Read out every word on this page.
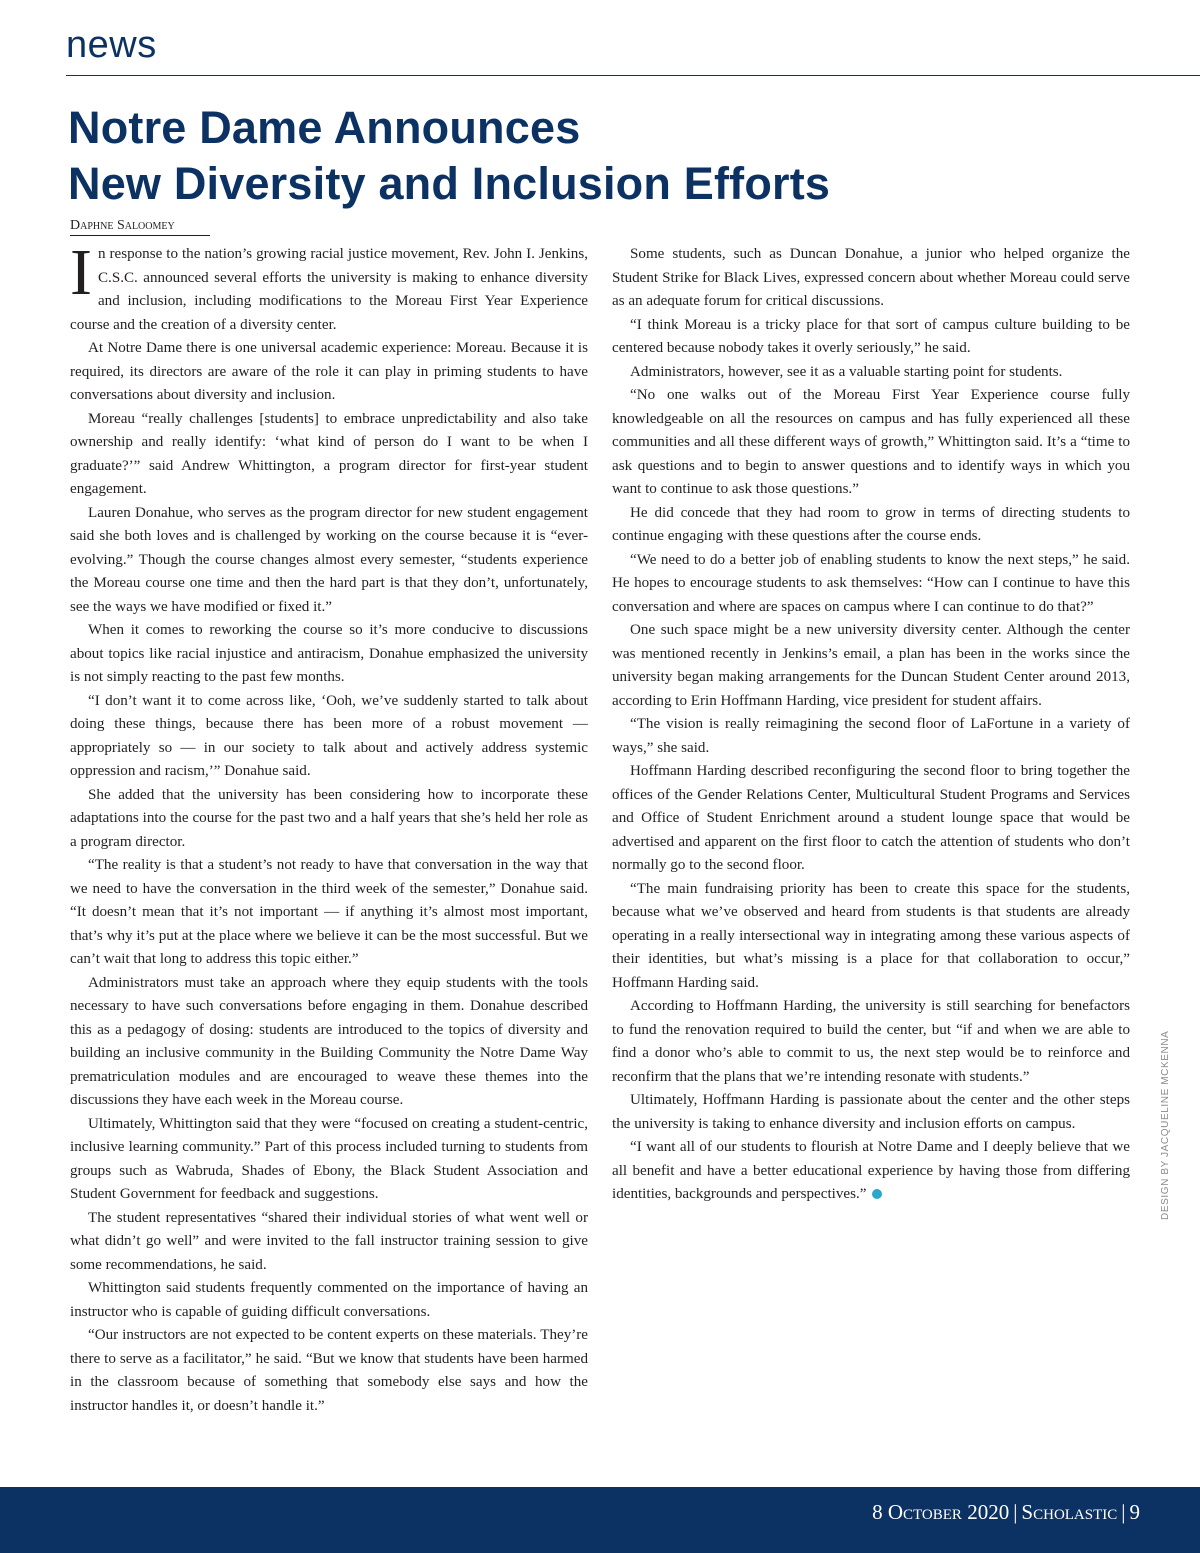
news
Notre Dame Announces
New Diversity and Inclusion Efforts
Daphne Saloomey

In response to the nation’s growing racial justice movement, Rev. John I. Jenkins, C.S.C. announced several efforts the university is making to enhance diversity and inclusion, including modifications to the Moreau First Year Experience course and the creation of a diversity center.

At Notre Dame there is one universal academic experience: Moreau. Because it is required, its directors are aware of the role it can play in priming students to have conversations about diversity and inclusion.

Moreau “really challenges [students] to embrace unpredictability and also take ownership and really identify: ‘what kind of person do I want to be when I graduate?’” said Andrew Whittington, a program director for first-year student engagement.

Lauren Donahue, who serves as the program director for new student engagement said she both loves and is challenged by working on the course because it is “ever-evolving.” Though the course changes almost every semester, “students experience the Moreau course one time and then the hard part is that they don’t, unfortunately, see the ways we have modified or fixed it.”

When it comes to reworking the course so it’s more conducive to discussions about topics like racial injustice and antiracism, Donahue emphasized the university is not simply reacting to the past few months.

“I don’t want it to come across like, ‘Ooh, we’ve suddenly started to talk about doing these things, because there has been more of a robust movement — appropriately so — in our society to talk about and actively address systemic oppression and racism,’” Donahue said.

She added that the university has been considering how to incorporate these adaptations into the course for the past two and a half years that she’s held her role as a program director.

“The reality is that a student’s not ready to have that conversation in the way that we need to have the conversation in the third week of the semester,” Donahue said. “It doesn’t mean that it’s not important — if anything it’s almost most important, that’s why it’s put at the place where we believe it can be the most successful. But we can’t wait that long to address this topic either.”

Administrators must take an approach where they equip students with the tools necessary to have such conversations before engaging in them. Donahue described this as a pedagogy of dosing: students are introduced to the topics of diversity and building an inclusive community in the Building Community the Notre Dame Way prematriculation modules and are encouraged to weave these themes into the discussions they have each week in the Moreau course.

Ultimately, Whittington said that they were “focused on creating a student-centric, inclusive learning community.” Part of this process included turning to students from groups such as Wabruda, Shades of Ebony, the Black Student Association and Student Government for feedback and suggestions.

The student representatives “shared their individual stories of what went well or what didn’t go well” and were invited to the fall instructor training session to give some recommendations, he said.

Whittington said students frequently commented on the importance of having an instructor who is capable of guiding difficult conversations.

“Our instructors are not expected to be content experts on these materials. They’re there to serve as a facilitator,” he said. “But we know that students have been harmed in the classroom because of something that somebody else says and how the instructor handles it, or doesn’t handle it.”

Some students, such as Duncan Donahue, a junior who helped organize the Student Strike for Black Lives, expressed concern about whether Moreau could serve as an adequate forum for critical discussions.

“I think Moreau is a tricky place for that sort of campus culture building to be centered because nobody takes it overly seriously,” he said.

Administrators, however, see it as a valuable starting point for students.

“No one walks out of the Moreau First Year Experience course fully knowledgeable on all the resources on campus and has fully experienced all these communities and all these different ways of growth,” Whittington said. It’s a “time to ask questions and to begin to answer questions and to identify ways in which you want to continue to ask those questions.”

He did concede that they had room to grow in terms of directing students to continue engaging with these questions after the course ends.

“We need to do a better job of enabling students to know the next steps,” he said. He hopes to encourage students to ask themselves: “How can I continue to have this conversation and where are spaces on campus where I can continue to do that?”

One such space might be a new university diversity center. Although the center was mentioned recently in Jenkins’s email, a plan has been in the works since the university began making arrangements for the Duncan Student Center around 2013, according to Erin Hoffmann Harding, vice president for student affairs.

“The vision is really reimagining the second floor of LaFortune in a variety of ways,” she said.

Hoffmann Harding described reconfiguring the second floor to bring together the offices of the Gender Relations Center, Multicultural Student Programs and Services and Office of Student Enrichment around a student lounge space that would be advertised and apparent on the first floor to catch the attention of students who don’t normally go to the second floor.

“The main fundraising priority has been to create this space for the students, because what we’ve observed and heard from students is that students are already operating in a really intersectional way in integrating among these various aspects of their identities, but what’s missing is a place for that collaboration to occur,” Hoffmann Harding said.

According to Hoffmann Harding, the university is still searching for benefactors to fund the renovation required to build the center, but “if and when we are able to find a donor who’s able to commit to us, the next step would be to reinforce and reconfirm that the plans that we’re intending resonate with students.”

Ultimately, Hoffmann Harding is passionate about the center and the other steps the university is taking to enhance diversity and inclusion efforts on campus.

“I want all of our students to flourish at Notre Dame and I deeply believe that we all benefit and have a better educational experience by having those from differing identities, backgrounds and perspectives.”	DESIGN BY JACQUELINE MCKENNA
8 October 2020 | Scholastic | 9
